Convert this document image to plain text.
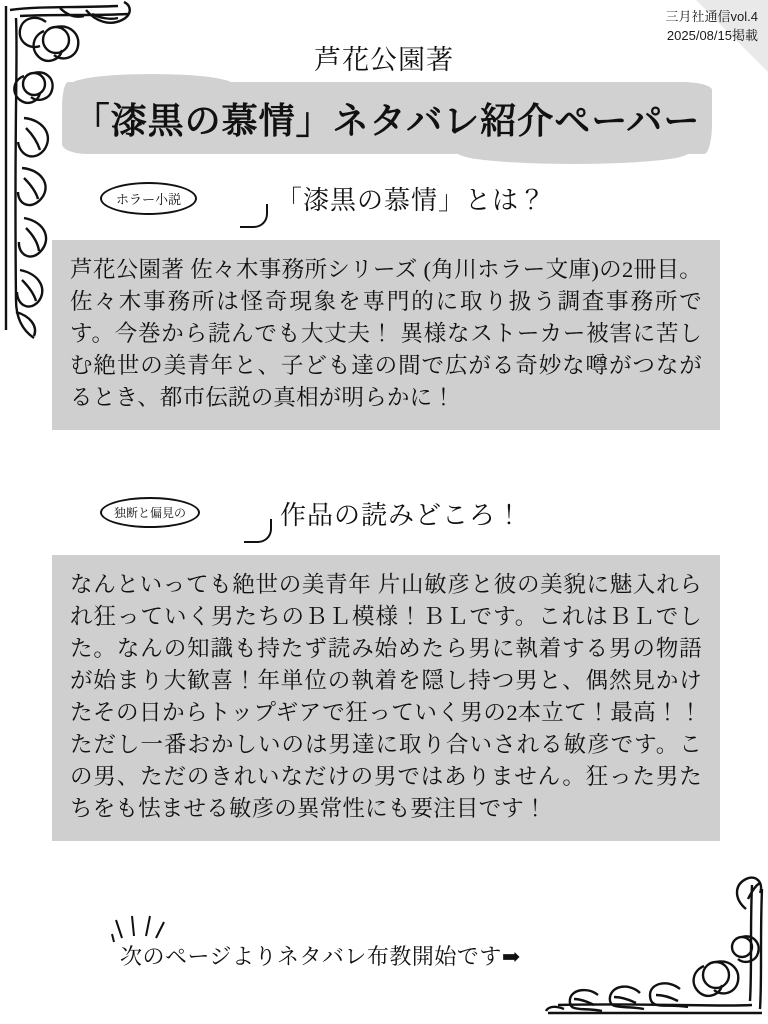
三月社通信vol.4
2025/08/15掲載
芦花公園著
「漆黒の慕情」ネタバレ紹介ペーパー
ホラー小説	「漆黒の慕情」とは？

芦花公園著 佐々木事務所シリーズ (角川ホラー文庫)の2冊目。佐々木事務所は怪奇現象を専門的に取り扱う調査事務所です。今巻から読んでも大丈夫！ 異様なストーカー被害に苦しむ絶世の美青年と、子ども達の間で広がる奇妙な噂がつながるとき、都市伝説の真相が明らかに！

独断と偏見の	作品の読みどころ！

なんといっても絶世の美青年 片山敏彦と彼の美貌に魅入れられ狂っていく男たちのＢＬ模様！ＢＬです。これはＢＬでした。なんの知識も持たず読み始めたら男に執着する男の物語が始まり大歓喜！年単位の執着を隠し持つ男と、偶然見かけたその日からトップギアで狂っていく男の2本立て！最高！！ただし一番おかしいのは男達に取り合いされる敏彦です。この男、ただのきれいなだけの男ではありません。狂った男たちをも怯ませる敏彦の異常性にも要注目です！

次のページよりネタバレ布教開始です➡
